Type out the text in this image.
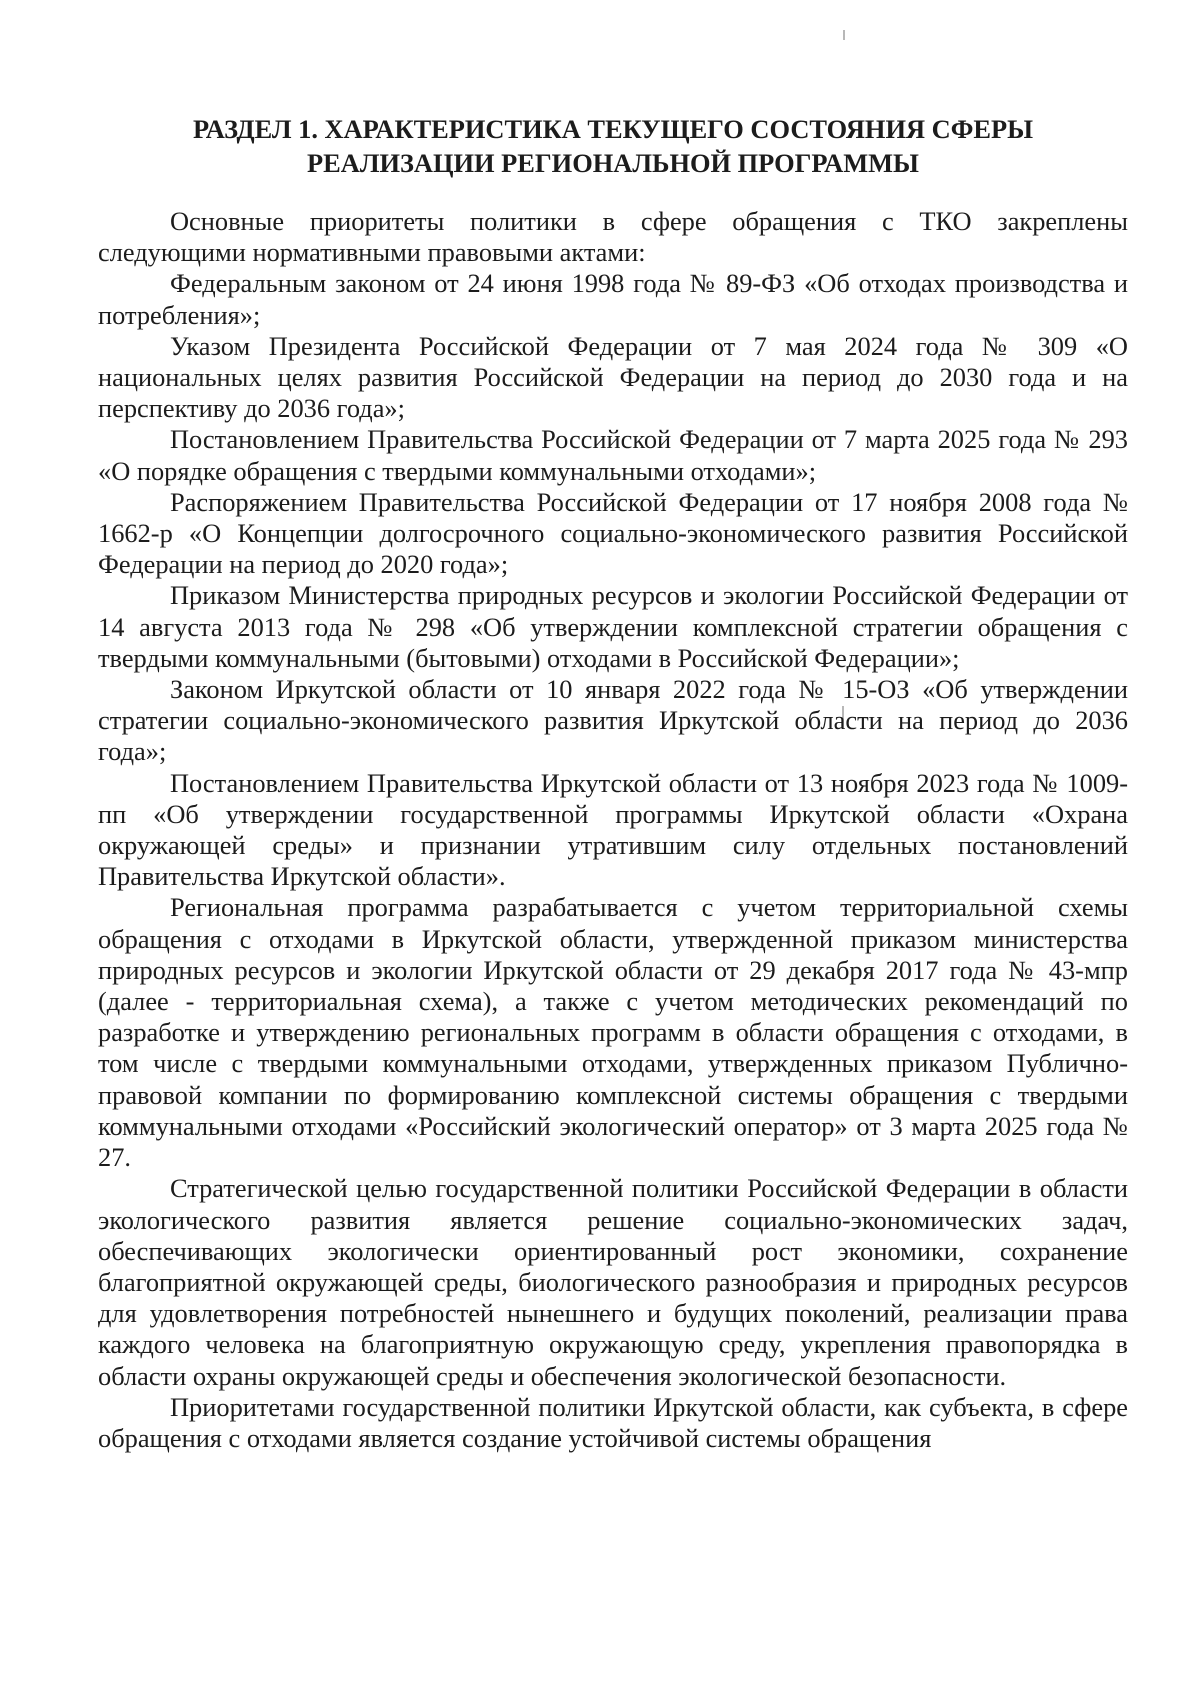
РАЗДЕЛ 1. ХАРАКТЕРИСТИКА ТЕКУЩЕГО СОСТОЯНИЯ СФЕРЫ
РЕАЛИЗАЦИИ РЕГИОНАЛЬНОЙ ПРОГРАММЫ

Основные приоритеты политики в сфере обращения с ТКО закреплены следующими нормативными правовыми актами:

Федеральным законом от 24 июня 1998 года № 89-ФЗ «Об отходах производства и потребления»;

Указом Президента Российской Федерации от 7 мая 2024 года № 309 «О национальных целях развития Российской Федерации на период до 2030 года и на перспективу до 2036 года»;

Постановлением Правительства Российской Федерации от 7 марта 2025 года № 293 «О порядке обращения с твердыми коммунальными отходами»;

Распоряжением Правительства Российской Федерации от 17 ноября 2008 года № 1662-р «О Концепции долгосрочного социально-экономического развития Российской Федерации на период до 2020 года»;

Приказом Министерства природных ресурсов и экологии Российской Федерации от 14 августа 2013 года № 298 «Об утверждении комплексной стратегии обращения с твердыми коммунальными (бытовыми) отходами в Российской Федерации»;

Законом Иркутской области от 10 января 2022 года № 15-ОЗ «Об утверждении стратегии социально-экономического развития Иркутской области на период до 2036 года»;

Постановлением Правительства Иркутской области от 13 ноября 2023 года № 1009-пп «Об утверждении государственной программы Иркутской области «Охрана окружающей среды» и признании утратившим силу отдельных постановлений Правительства Иркутской области».

Региональная программа разрабатывается с учетом территориальной схемы обращения с отходами в Иркутской области, утвержденной приказом министерства природных ресурсов и экологии Иркутской области от 29 декабря 2017 года № 43-мпр (далее - территориальная схема), а также с учетом методических рекомендаций по разработке и утверждению региональных программ в области обращения с отходами, в том числе с твердыми коммунальными отходами, утвержденных приказом Публично-правовой компании по формированию комплексной системы обращения с твердыми коммунальными отходами «Российский экологический оператор» от 3 марта 2025 года № 27.

Стратегической целью государственной политики Российской Федерации в области экологического развития является решение социально-экономических задач, обеспечивающих экологически ориентированный рост экономики, сохранение благоприятной окружающей среды, биологического разнообразия и природных ресурсов для удовлетворения потребностей нынешнего и будущих поколений, реализации права каждого человека на благоприятную окружающую среду, укрепления правопорядка в области охраны окружающей среды и обеспечения экологической безопасности.

Приоритетами государственной политики Иркутской области, как субъекта, в сфере обращения с отходами является создание устойчивой системы обращения
